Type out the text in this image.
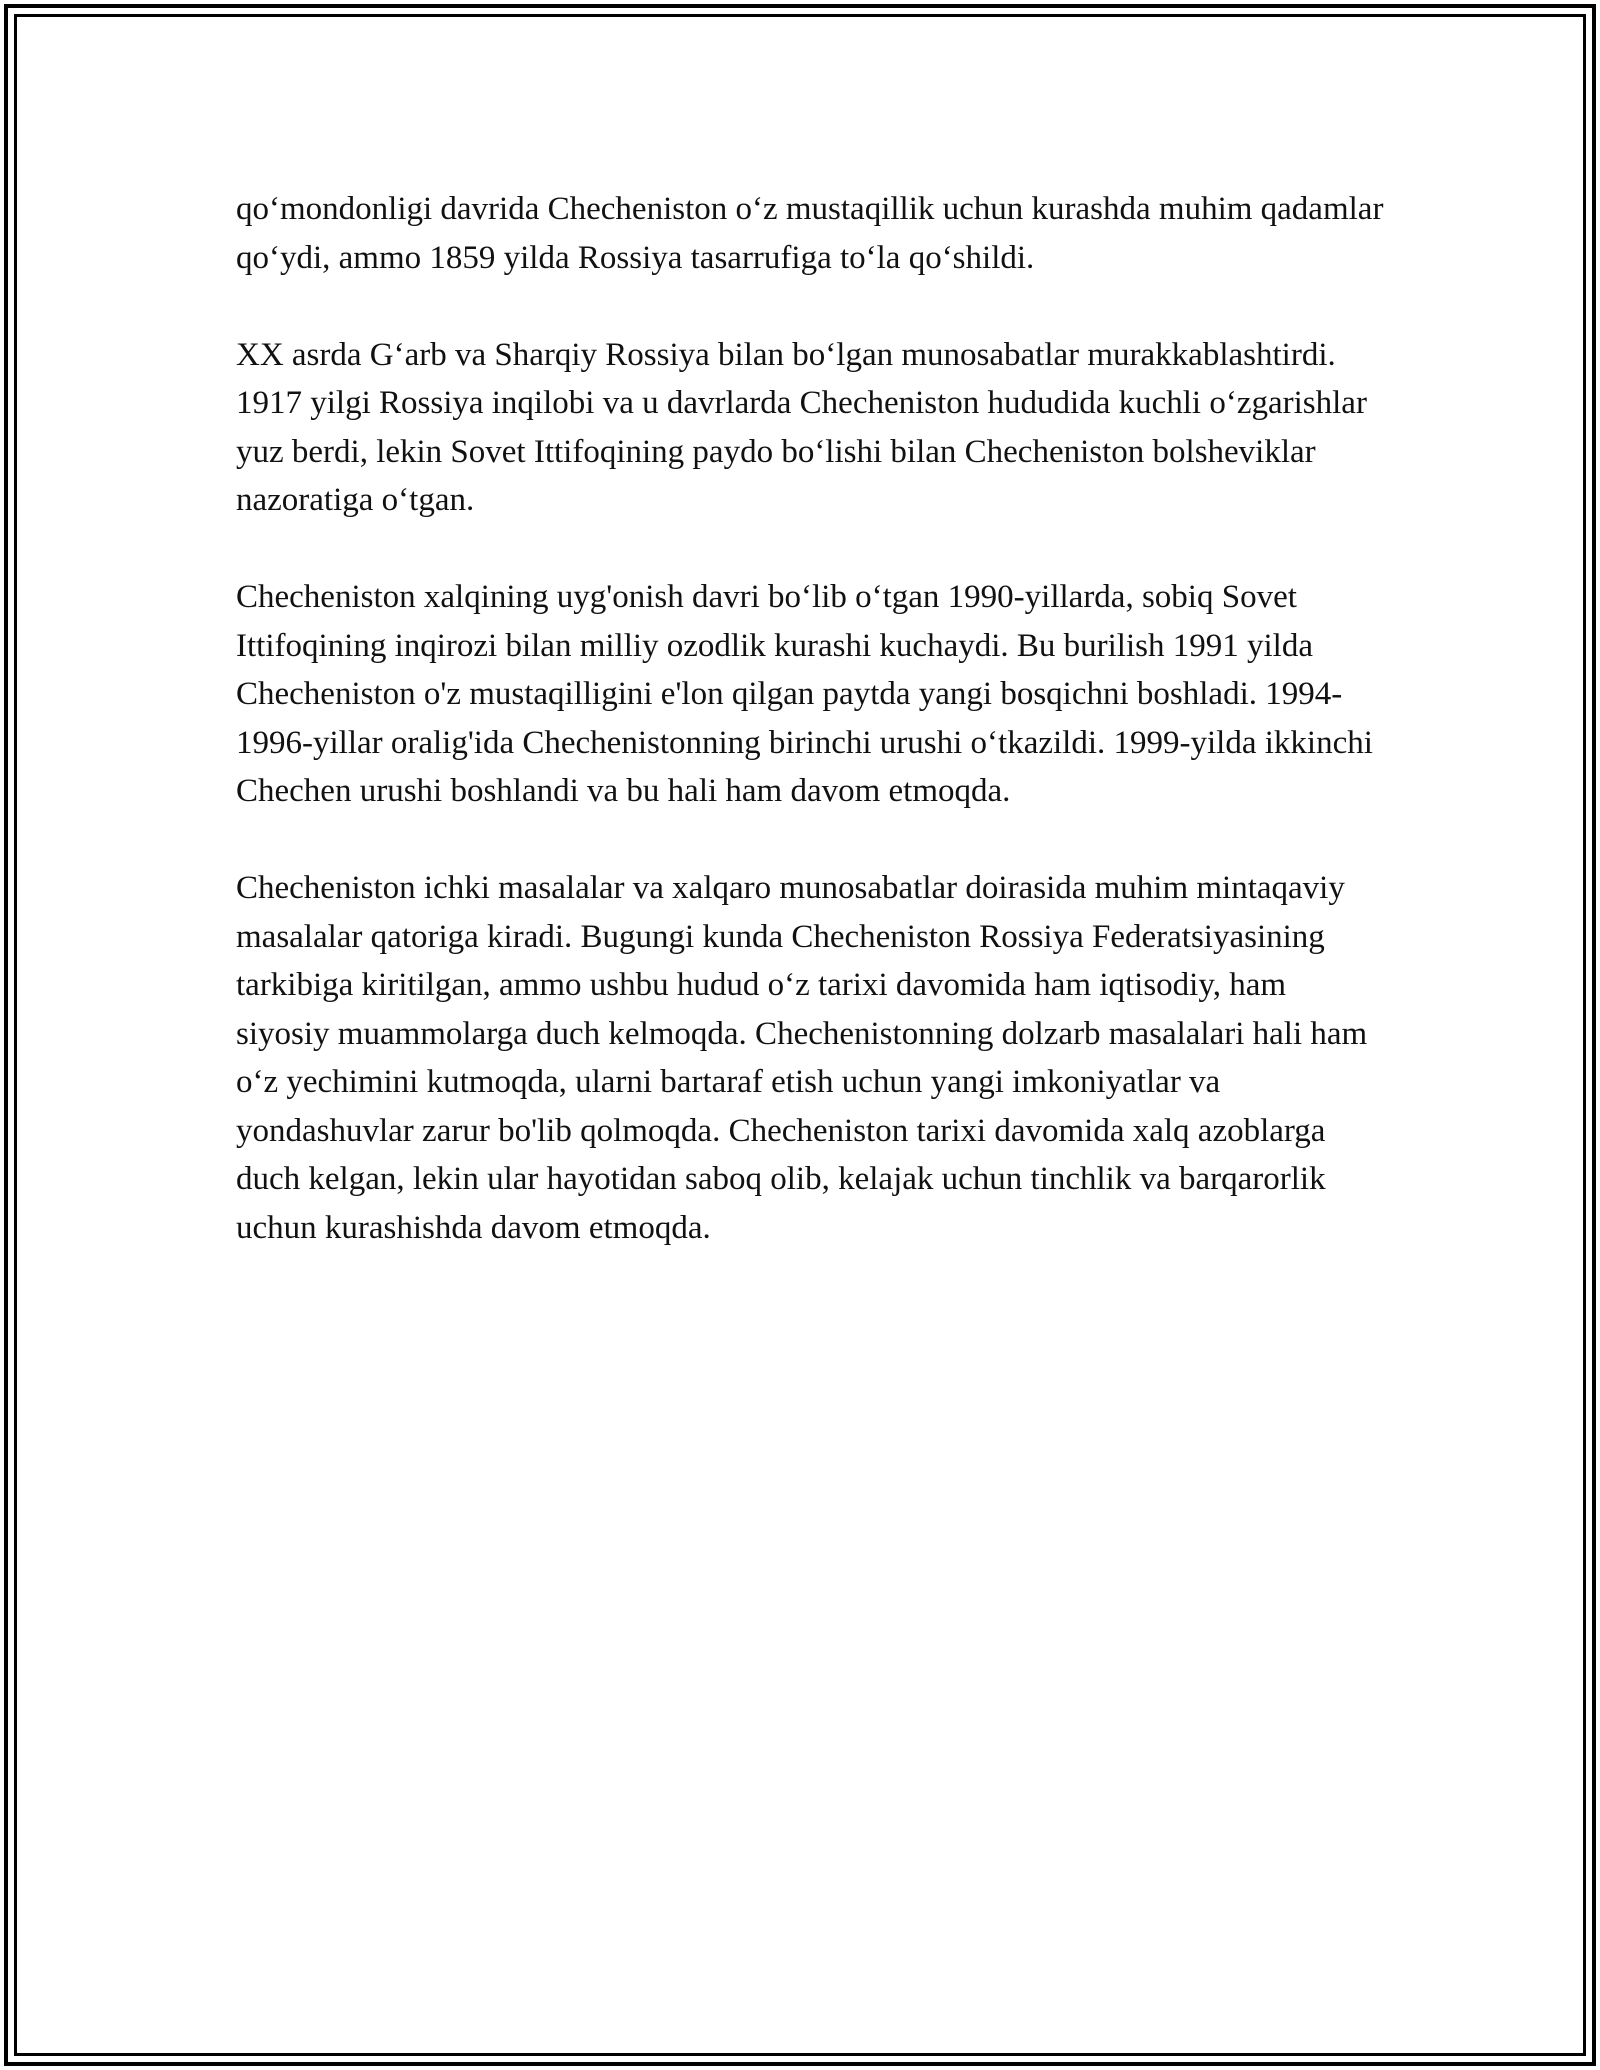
qo‘mondonligi davrida Checheniston o‘z mustaqillik uchun kurashda muhim qadamlar qo‘ydi, ammo 1859 yilda Rossiya tasarrufiga to‘la qo‘shildi.

XX asrda G‘arb va Sharqiy Rossiya bilan bo‘lgan munosabatlar murakkablashtirdi. 1917 yilgi Rossiya inqilobi va u davrlarda Checheniston hududida kuchli o‘zgarishlar yuz berdi, lekin Sovet Ittifoqining paydo bo‘lishi bilan Checheniston bolsheviklar nazoratiga o‘tgan.

Checheniston xalqining uyg'onish davri bo‘lib o‘tgan 1990-yillarda, sobiq Sovet Ittifoqining inqirozi bilan milliy ozodlik kurashi kuchaydi. Bu burilish 1991 yilda Checheniston o'z mustaqilligini e'lon qilgan paytda yangi bosqichni boshladi. 1994-1996-yillar oralig'ida Chechenistonning birinchi urushi o‘tkazildi. 1999-yilda ikkinchi Chechen urushi boshlandi va bu hali ham davom etmoqda.

Checheniston ichki masalalar va xalqaro munosabatlar doirasida muhim mintaqaviy masalalar qatoriga kiradi. Bugungi kunda Checheniston Rossiya Federatsiyasining tarkibiga kiritilgan, ammo ushbu hudud o‘z tarixi davomida ham iqtisodiy, ham siyosiy muammolarga duch kelmoqda. Chechenistonning dolzarb masalalari hali ham o‘z yechimini kutmoqda, ularni bartaraf etish uchun yangi imkoniyatlar va yondashuvlar zarur bo'lib qolmoqda. Checheniston tarixi davomida xalq azoblarga duch kelgan, lekin ular hayotidan saboq olib, kelajak uchun tinchlik va barqarorlik uchun kurashishda davom etmoqda.
